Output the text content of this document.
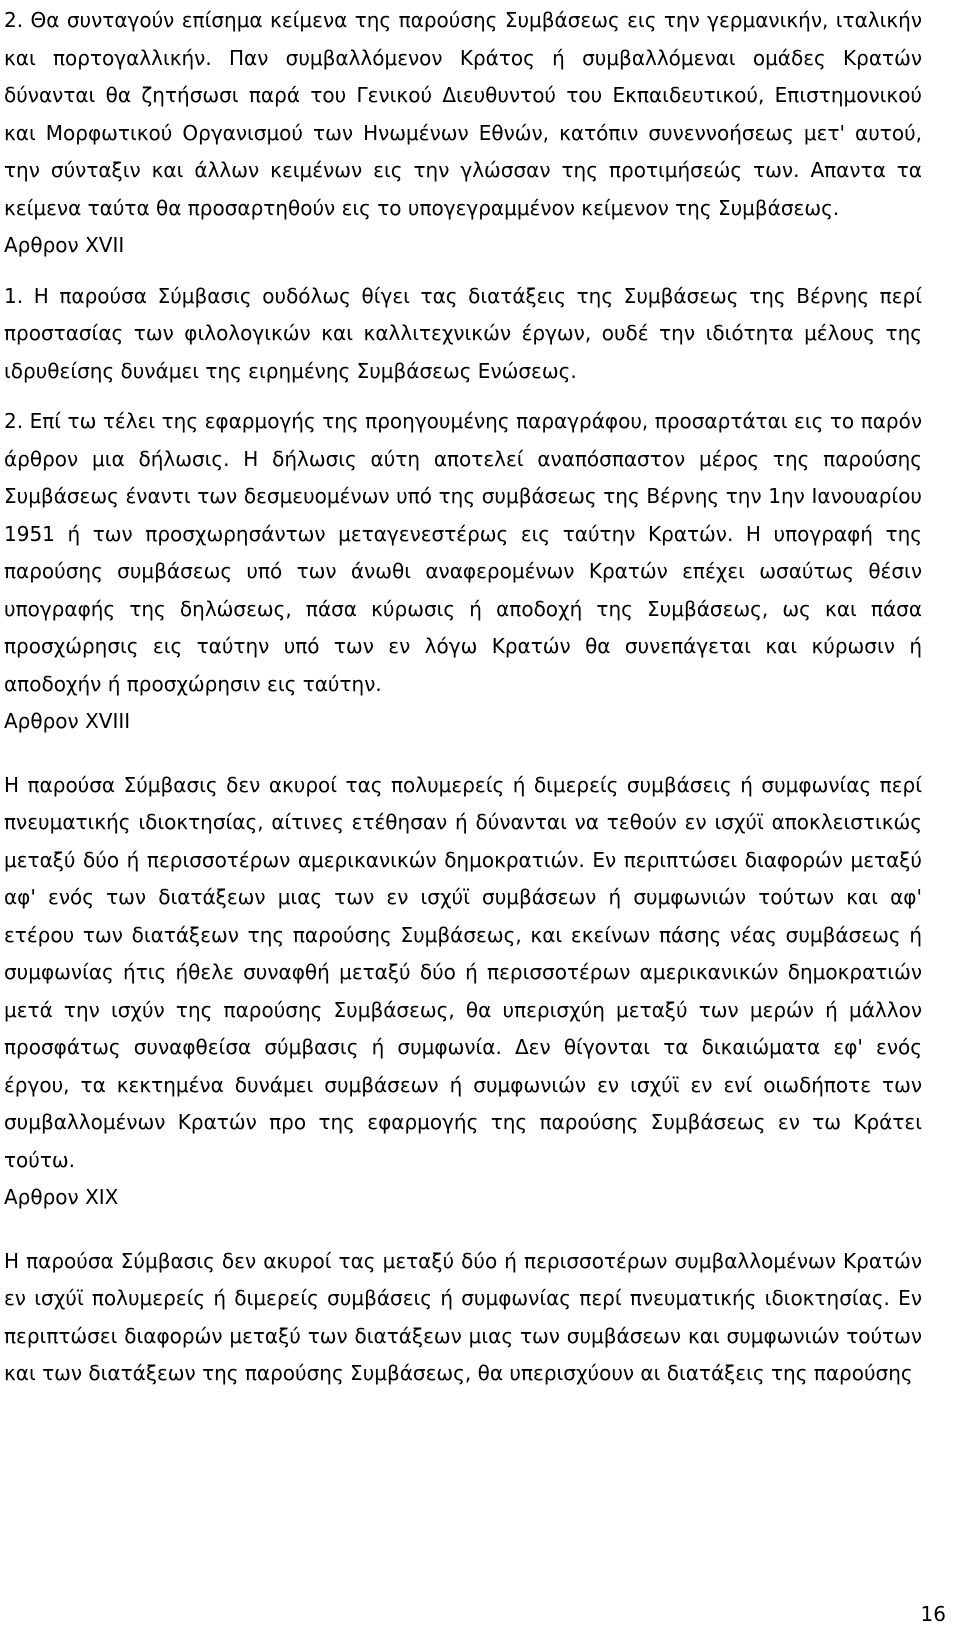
2. Θα συνταγούν επίσημα κείμενα της παρούσης Συμβάσεως εις την γερμανικήν, ιταλικήν και πορτογαλλικήν. Παν συμβαλλόμενον Κράτος ή συμβαλλόμεναι ομάδες Κρατών δύνανται θα ζητήσωσι παρά του Γενικού Διευθυντού του Εκπαιδευτικού, Επιστημονικού και Μορφωτικού Οργανισμού των Ηνωμένων Εθνών, κατόπιν συνεννοήσεως μετ' αυτού, την σύνταξιν και άλλων κειμένων εις την γλώσσαν της προτιμήσεώς των. Απαντα τα κείμενα ταύτα θα προσαρτηθούν εις το υπογεγραμμένον κείμενον της Συμβάσεως.

Αρθρον XVII

1. Η παρούσα Σύμβασις ουδόλως θίγει τας διατάξεις της Συμβάσεως της Βέρνης περί προστασίας των φιλολογικών και καλλιτεχνικών έργων, ουδέ την ιδιότητα μέλους της ιδρυθείσης δυνάμει της ειρημένης Συμβάσεως Ενώσεως.

2. Επί τω τέλει της εφαρμογής της προηγουμένης παραγράφου, προσαρτάται εις το παρόν άρθρον μια δήλωσις. Η δήλωσις αύτη αποτελεί αναπόσπαστον μέρος της παρούσης Συμβάσεως έναντι των δεσμευομένων υπό της συμβάσεως της Βέρνης την 1ην Ιανουαρίου 1951 ή των προσχωρησάντων μεταγενεστέρως εις ταύτην Κρατών. Η υπογραφή της παρούσης συμβάσεως υπό των άνωθι αναφερομένων Κρατών επέχει ωσαύτως θέσιν υπογραφής της δηλώσεως, πάσα κύρωσις ή αποδοχή της Συμβάσεως, ως και πάσα προσχώρησις εις ταύτην υπό των εν λόγω Κρατών θα συνεπάγεται και κύρωσιν ή αποδοχήν ή προσχώρησιν εις ταύτην.

Αρθρον XVIII

Η παρούσα Σύμβασις δεν ακυροί τας πολυμερείς ή διμερείς συμβάσεις ή συμφωνίας περί πνευματικής ιδιοκτησίας, αίτινες ετέθησαν ή δύνανται να τεθούν εν ισχύϊ αποκλειστικώς μεταξύ δύο ή περισσοτέρων αμερικανικών δημοκρατιών. Εν περιπτώσει διαφορών μεταξύ αφ' ενός των διατάξεων μιας των εν ισχύϊ συμβάσεων ή συμφωνιών τούτων και αφ' ετέρου των διατάξεων της παρούσης Συμβάσεως, και εκείνων πάσης νέας συμβάσεως ή συμφωνίας ήτις ήθελε συναφθή μεταξύ δύο ή περισσοτέρων αμερικανικών δημοκρατιών μετά την ισχύν της παρούσης Συμβάσεως, θα υπερισχύη μεταξύ των μερών ή μάλλον προσφάτως συναφθείσα σύμβασις ή συμφωνία. Δεν θίγονται τα δικαιώματα εφ' ενός έργου, τα κεκτημένα δυνάμει συμβάσεων ή συμφωνιών εν ισχύϊ εν ενί οιωδήποτε των συμβαλλομένων Κρατών προ της εφαρμογής της παρούσης Συμβάσεως εν τω Κράτει τούτω.

Αρθρον XIX

Η παρούσα Σύμβασις δεν ακυροί τας μεταξύ δύο ή περισσοτέρων συμβαλλομένων Κρατών εν ισχύϊ πολυμερείς ή διμερείς συμβάσεις ή συμφωνίας περί πνευματικής ιδιοκτησίας. Εν περιπτώσει διαφορών μεταξύ των διατάξεων μιας των συμβάσεων και συμφωνιών τούτων και των διατάξεων της παρούσης Συμβάσεως, θα υπερισχύουν αι διατάξεις της παρούσης

16
